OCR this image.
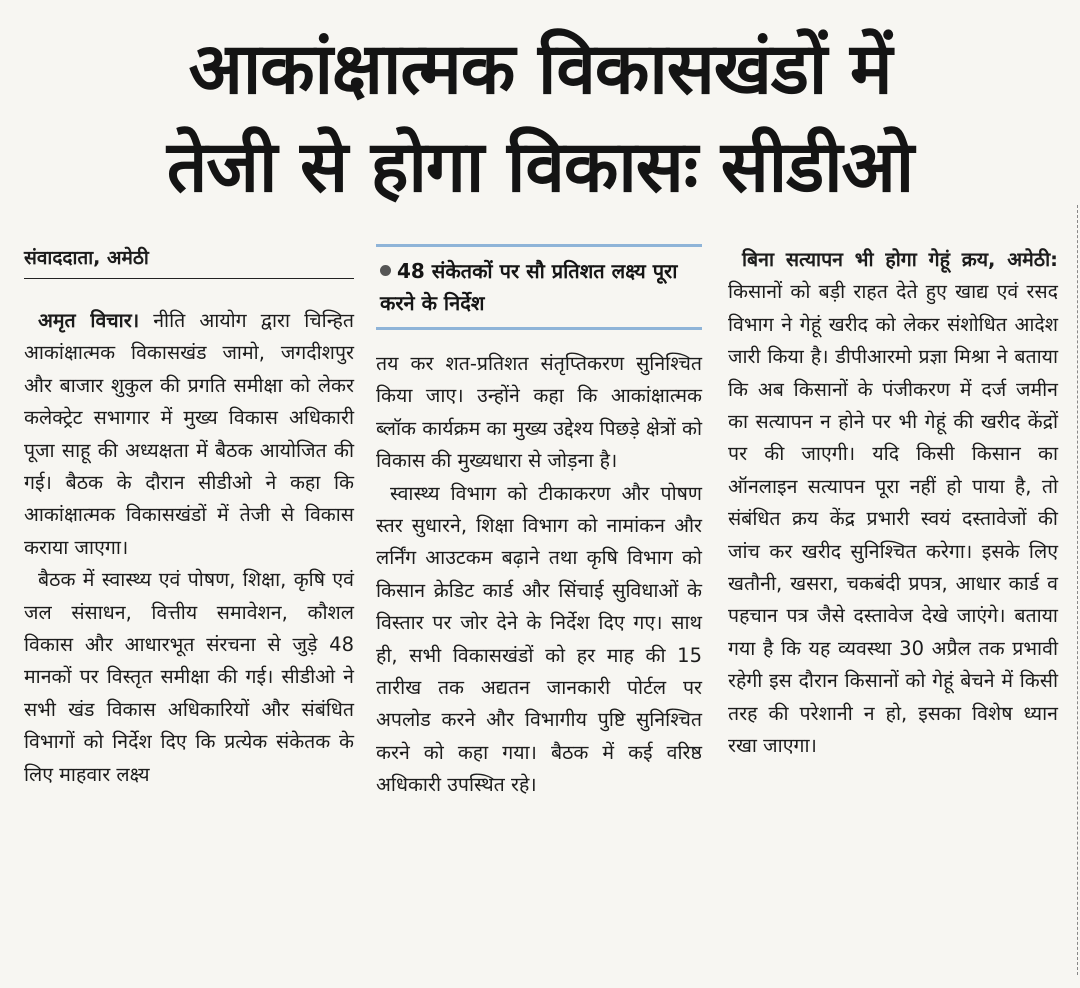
आकांक्षात्मक विकासखंडों में
तेजी से होगा विकासः सीडीओ
संवाददाता, अमेठी

अमृत विचार। नीति आयोग द्वारा चिन्हित आकांक्षात्मक विकासखंड जामो, जगदीशपुर और बाजार शुकुल की प्रगति समीक्षा को लेकर कलेक्ट्रेट सभागार में मुख्य विकास अधिकारी पूजा साहू की अध्यक्षता में बैठक आयोजित की गई। बैठक के दौरान सीडीओ ने कहा कि आकांक्षात्मक विकासखंडों में तेजी से विकास कराया जाएगा।

बैठक में स्वास्थ्य एवं पोषण, शिक्षा, कृषि एवं जल संसाधन, वित्तीय समावेशन, कौशल विकास और आधारभूत संरचना से जुड़े 48 मानकों पर विस्तृत समीक्षा की गई। सीडीओ ने सभी खंड विकास अधिकारियों और संबंधित विभागों को निर्देश दिए कि प्रत्येक संकेतक के लिए माहवार लक्ष्य

48 संकेतकों पर सौ प्रतिशत लक्ष्य पूरा करने के निर्देश

तय कर शत-प्रतिशत संतृप्तिकरण सुनिश्चित किया जाए। उन्होंने कहा कि आकांक्षात्मक ब्लॉक कार्यक्रम का मुख्य उद्देश्य पिछड़े क्षेत्रों को विकास की मुख्यधारा से जोड़ना है।

स्वास्थ्य विभाग को टीकाकरण और पोषण स्तर सुधारने, शिक्षा विभाग को नामांकन और लर्निंग आउटकम बढ़ाने तथा कृषि विभाग को किसान क्रेडिट कार्ड और सिंचाई सुविधाओं के विस्तार पर जोर देने के निर्देश दिए गए। साथ ही, सभी विकासखंडों को हर माह की 15 तारीख तक अद्यतन जानकारी पोर्टल पर अपलोड करने और विभागीय पुष्टि सुनिश्चित करने को कहा गया। बैठक में कई वरिष्ठ अधिकारी उपस्थित रहे।

बिना सत्यापन भी होगा गेहूं क्रय, अमेठी: किसानों को बड़ी राहत देते हुए खाद्य एवं रसद विभाग ने गेहूं खरीद को लेकर संशोधित आदेश जारी किया है। डीपीआरमो प्रज्ञा मिश्रा ने बताया कि अब किसानों के पंजीकरण में दर्ज जमीन का सत्यापन न होने पर भी गेहूं की खरीद केंद्रों पर की जाएगी। यदि किसी किसान का ऑनलाइन सत्यापन पूरा नहीं हो पाया है, तो संबंधित क्रय केंद्र प्रभारी स्वयं दस्तावेजों की जांच कर खरीद सुनिश्चित करेगा। इसके लिए खतौनी, खसरा, चकबंदी प्रपत्र, आधार कार्ड व पहचान पत्र जैसे दस्तावेज देखे जाएंगे। बताया गया है कि यह व्यवस्था 30 अप्रैल तक प्रभावी रहेगी इस दौरान किसानों को गेहूं बेचने में किसी तरह की परेशानी न हो, इसका विशेष ध्यान रखा जाएगा।
